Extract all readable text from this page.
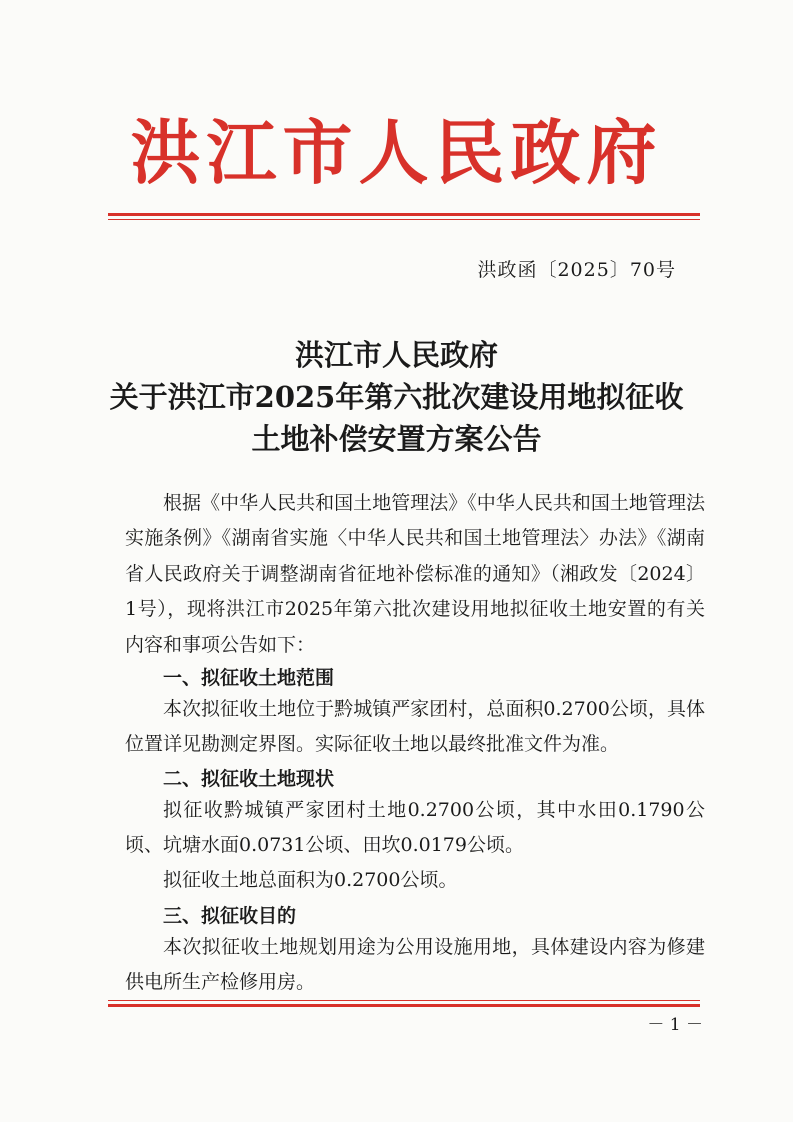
洪江市人民政府
洪政函〔2025〕70号
洪江市人民政府
关于洪江市2025年第六批次建设用地拟征收
土地补偿安置方案公告
根据《中华人民共和国土地管理法》《中华人民共和国土地管理法实施条例》《湖南省实施〈中华人民共和国土地管理法〉办法》《湖南省人民政府关于调整湖南省征地补偿标准的通知》（湘政发〔2024〕1号），现将洪江市2025年第六批次建设用地拟征收土地安置的有关内容和事项公告如下：
一、拟征收土地范围
本次拟征收土地位于黔城镇严家团村，总面积0.2700公顷，具体位置详见勘测定界图。实际征收土地以最终批准文件为准。
二、拟征收土地现状
拟征收黔城镇严家团村土地0.2700公顷，其中水田0.1790公顷、坑塘水面0.0731公顷、田坎0.0179公顷。
拟征收土地总面积为0.2700公顷。
三、拟征收目的
本次拟征收土地规划用途为公用设施用地，具体建设内容为修建供电所生产检修用房。
－ 1 －
